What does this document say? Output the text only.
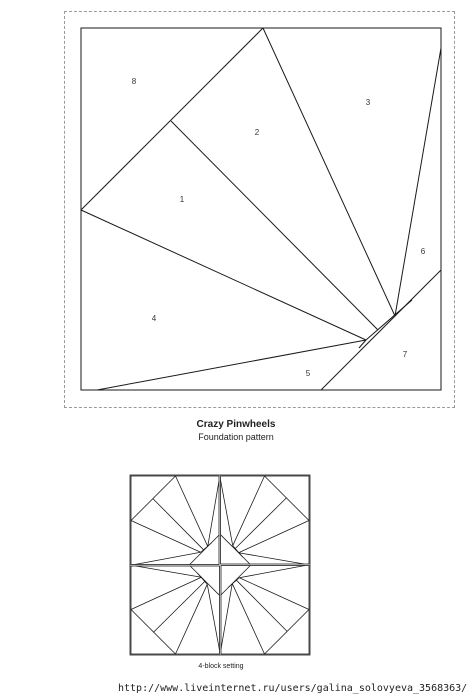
1
2
3
4
5
6
7
8
Crazy Pinwheels
Foundation pattern
4-block setting
http://www.liveinternet.ru/users/galina_solovyeva_3568363/
